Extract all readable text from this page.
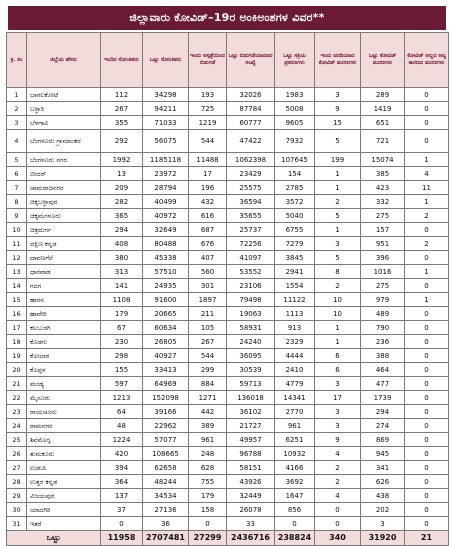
ಜಿಲ್ಲಾವಾರು ಕೋವಿಡ್–19ರ ಅಂಕಿಅಂಶಗಳ ವಿವರ**
ಕ್ರ. ಸಂ	ಜಿಲ್ಲೆಯ ಹೆಸರು	ಇಂದಿನ ಸೋಂಕಿತರು	ಒಟ್ಟು ಸೋಂಕಿತರು	ಇಂದು ಆಸ್ಪತ್ರೆಯಿಂದ ಬಿಡುಗಡೆ	ಒಟ್ಟು ಬಿಡುಗಡೆಯಾದವರ ಸಂಖ್ಯೆ	ಒಟ್ಟು ಸಕ್ರಿಯ ಪ್ರಕರಣಗಳು	ಇಂದು ವರದಿಯಾದ ಕೋವಿಡ್ ಮರಣಗಳು	ಒಟ್ಟು ಕೋವಿಡ್ ಮರಣಗಳು	ಕೋವಿಡ್ ಅಲ್ಲದ ಅನ್ಯ ಕಾರಣದ ಮರಣಗಳು
1	ಬಾಗಲಕೋಟೆ	112	34298	193	32026	1983	3	289	0
2	ಬಳ್ಳಾರಿ	267	94211	725	87784	5008	9	1419	0
3	ಬೆಳಗಾವಿ	355	71033	1219	60777	9605	15	651	0
4	ಬೆಂಗಳೂರು ಗ್ರಾಮಾಂತರ	292	56075	544	47422	7932	5	721	0
5	ಬೆಂಗಳೂರು ನಗರ	1992	1185118	11488	1062398	107645	199	15074	1
6	ಬೀದರ್	13	23972	17	23429	154	1	385	4
7	ಚಾಮರಾಜನಗರ	209	28794	196	25575	2785	1	423	11
8	ಚಿಕ್ಕಬಳ್ಳಾಪುರ	282	40499	432	36594	3572	2	332	1
9	ಚಿಕ್ಕಮಗಳೂರು	365	40972	616	35655	5040	5	275	2
10	ಚಿತ್ರದುರ್ಗ	294	32649	687	25737	6755	1	157	0
11	ದಕ್ಷಿಣ ಕನ್ನಡ	408	80488	676	72256	7279	3	951	2
12	ದಾವಣಗೆರೆ	380	45338	407	41097	3845	5	396	0
13	ಧಾರವಾಡ	313	57510	560	53552	2941	8	1016	1
14	ಗದಗ	141	24935	301	23106	1554	2	275	0
15	ಹಾಸನ	1108	91600	1897	79498	11122	10	979	1
16	ಹಾವೇರಿ	179	20665	211	19063	1113	10	489	0
17	ಕಲಬುರಗಿ	67	60634	105	58931	913	1	790	0
18	ಕೊಡಗು	230	26805	267	24240	2329	1	236	0
19	ಕೋಲಾರ	298	40927	544	36095	4444	6	388	0
20	ಕೊಪ್ಪಳ	155	33413	299	30539	2410	6	464	0
21	ಮಂಡ್ಯ	597	64969	884	59713	4779	3	477	0
22	ಮೈಸೂರು	1213	152098	1271	136018	14341	17	1739	0
23	ರಾಯಚೂರು	64	39166	442	36102	2770	3	294	0
24	ರಾಮನಗರ	48	22962	389	21727	961	3	274	0
25	ಶಿವಮೊಗ್ಗ	1224	57077	961	49957	6251	9	869	0
26	ತುಮಕೂರು	420	108665	248	96788	10932	4	945	0
27	ಉಡುಪಿ	394	62658	628	58151	4166	2	341	0
28	ಉತ್ತರ ಕನ್ನಡ	364	48244	755	43926	3692	2	626	0
29	ವಿಜಯಪುರ	137	34534	179	32449	1647	4	438	0
30	ಯಾದಗಿರಿ	37	27136	158	26078	856	0	202	0
31	ಇತರೆ	0	36	0	33	0	0	3	0
ಒಟ್ಟು		11958	2707481	27299	2436716	238824	340	31920	21
